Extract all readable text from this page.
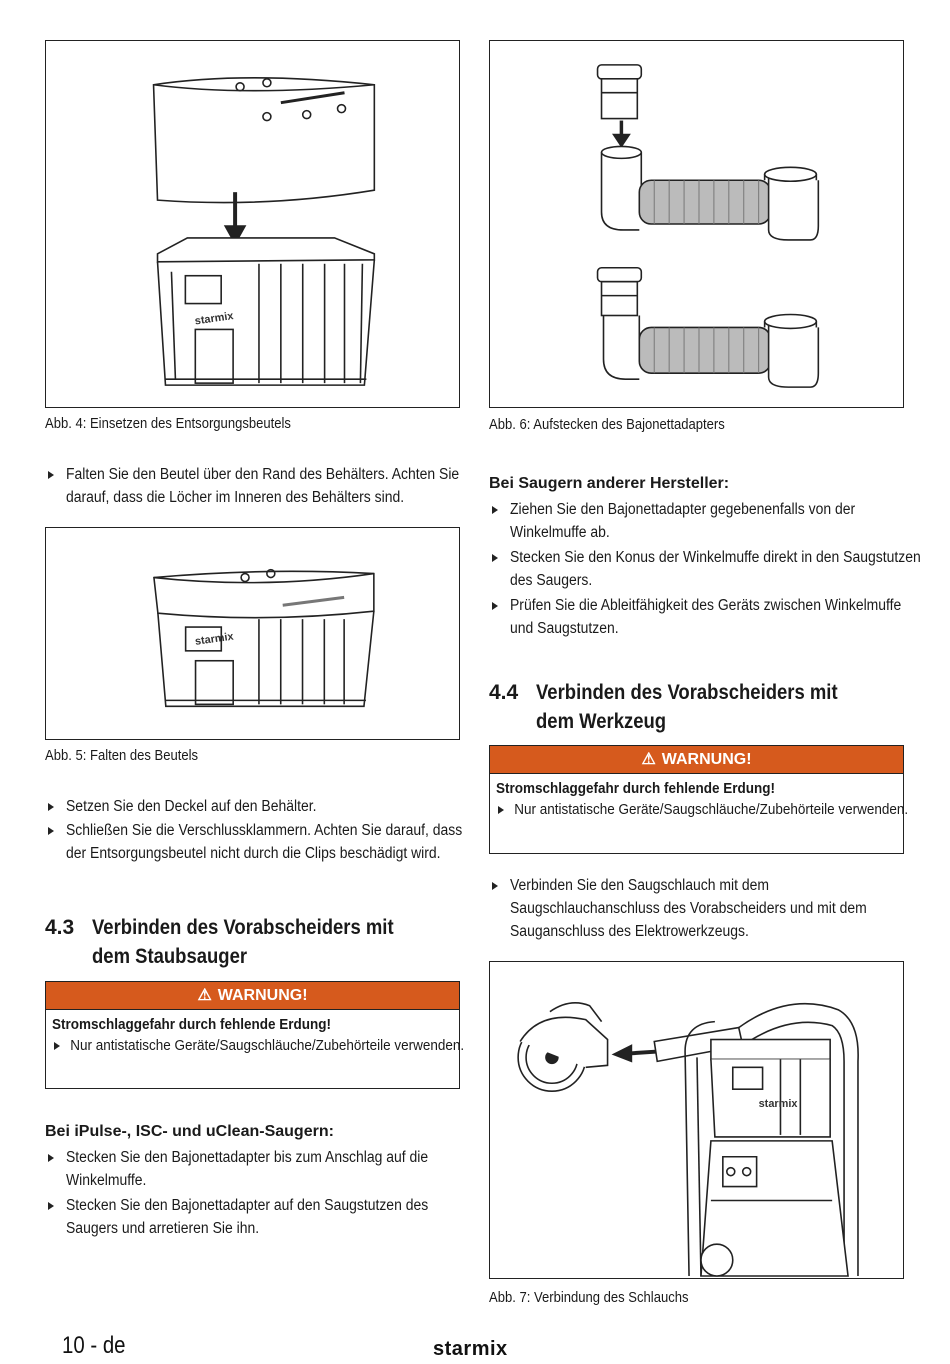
starmix
Abb. 4: Einsetzen des Entsorgungsbeutels
Falten Sie den Beutel über den Rand des Behälters. Achten Sie darauf, dass die Löcher im Inneren des Behälters sind.
starmix
Abb. 5: Falten des Beutels
Setzen Sie den Deckel auf den Behälter.
Schließen Sie die Verschlussklammern. Achten Sie darauf, dass der Entsorgungsbeutel nicht durch die Clips beschädigt wird.
4.3 Verbinden des Vorabscheiders mit dem Staubsauger
⚠ WARNUNG!
Stromschlaggefahr durch fehlende Erdung!
Nur antistatische Geräte/Saugschläuche/Zubehörteile verwenden.
Bei iPulse-, ISC- und uClean-Saugern:
Stecken Sie den Bajonettadapter bis zum Anschlag auf die Winkelmuffe.
Stecken Sie den Bajonettadapter auf den Saugstutzen des Saugers und arretieren Sie ihn.
Abb. 6: Aufstecken des Bajonettadapters
Bei Saugern anderer Hersteller:
Ziehen Sie den Bajonettadapter gegebenenfalls von der Winkelmuffe ab.
Stecken Sie den Konus der Winkelmuffe direkt in den Saugstutzen des Saugers.
Prüfen Sie die Ableitfähigkeit des Geräts zwischen Winkelmuffe und Saugstutzen.
4.4 Verbinden des Vorabscheiders mit dem Werkzeug
⚠ WARNUNG!
Stromschlaggefahr durch fehlende Erdung!
Nur antistatische Geräte/Saugschläuche/Zubehörteile verwenden.
Verbinden Sie den Saugschlauch mit dem Saugschlauchanschluss des Vorabscheiders und mit dem Sauganschluss des Elektrowerkzeugs.
starmix
Abb. 7: Verbindung des Schlauchs
10 - de	starmix
